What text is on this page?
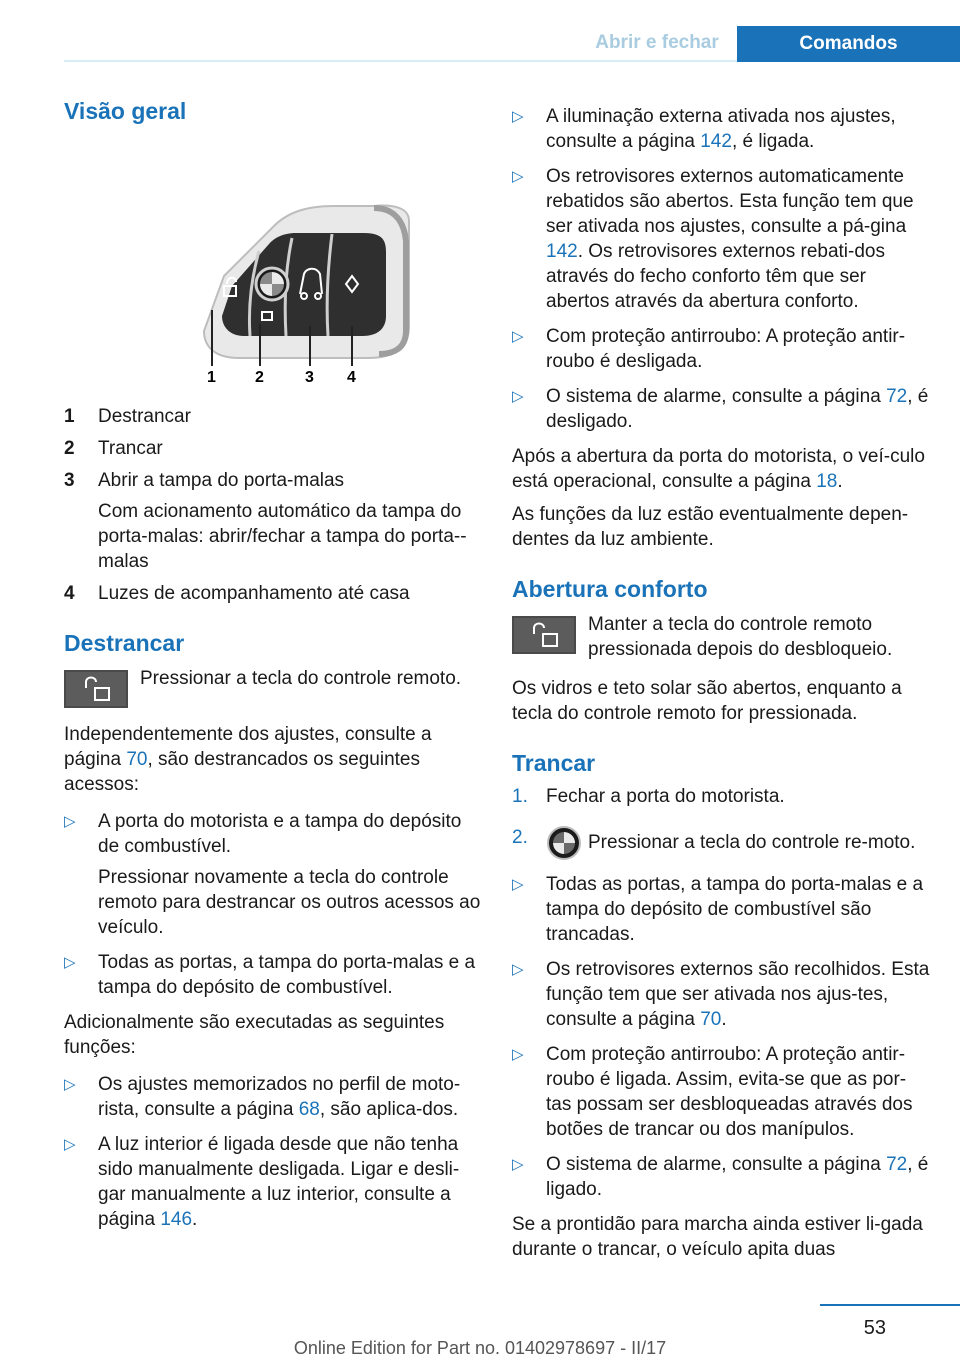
Abrir e fechar	Comandos
Visão geral
1 2	3 4
1	Destrancar
2	Trancar
3	Abrir a tampa do porta-malas
Com acionamento automático da tampa do porta-malas: abrir/fechar a tampa do porta--malas
4	Luzes de acompanhamento até casa
Destrancar

Pressionar a tecla do controle remoto.

Independentemente dos ajustes, consulte a página 70, são destrancados os seguintes acessos:

▷	A porta do motorista e a tampa do depósito de combustível.
Pressionar novamente a tecla do controle remoto para destrancar os outros acessos ao veículo.
▷	Todas as portas, a tampa do porta-malas e a tampa do depósito de combustível.

Adicionalmente são executadas as seguintes funções:

▷	Os ajustes memorizados no perfil de moto-rista, consulte a página 68, são aplica-dos.
▷	A luz interior é ligada desde que não tenha sido manualmente desligada. Ligar e desli-gar manualmente a luz interior, consulte a página 146.
▷	A iluminação externa ativada nos ajustes, consulte a página 142, é ligada.
▷	Os retrovisores externos automaticamente rebatidos são abertos. Esta função tem que ser ativada nos ajustes, consulte a pá-gina 142. Os retrovisores externos rebati-dos através do fecho conforto têm que ser abertos através da abertura conforto.
▷	Com proteção antirroubo: A proteção antir-roubo é desligada.
▷	O sistema de alarme, consulte a página 72, é desligado.

Após a abertura da porta do motorista, o veí-culo está operacional, consulte a página 18.

As funções da luz estão eventualmente depen-dentes da luz ambiente.

Abertura conforto

Manter a tecla do controle remoto pressionada depois do desbloqueio.

Os vidros e teto solar são abertos, enquanto a tecla do controle remoto for pressionada.

Trancar
1. Fechar a porta do motorista.
2.	Pressionar a tecla do controle re-moto.
▷	Todas as portas, a tampa do porta-malas e a tampa do depósito de combustível são trancadas.
▷	Os retrovisores externos são recolhidos. Esta função tem que ser ativada nos ajus-tes, consulte a página 70.
▷	Com proteção antirroubo: A proteção antir-roubo é ligada. Assim, evita-se que as por-tas possam ser desbloqueadas através dos botões de trancar ou dos manípulos.
▷	O sistema de alarme, consulte a página 72, é ligado.

Se a prontidão para marcha ainda estiver li-gada durante o trancar, o veículo apita duas

53
Online Edition for Part no. 01402978697 - II/17
